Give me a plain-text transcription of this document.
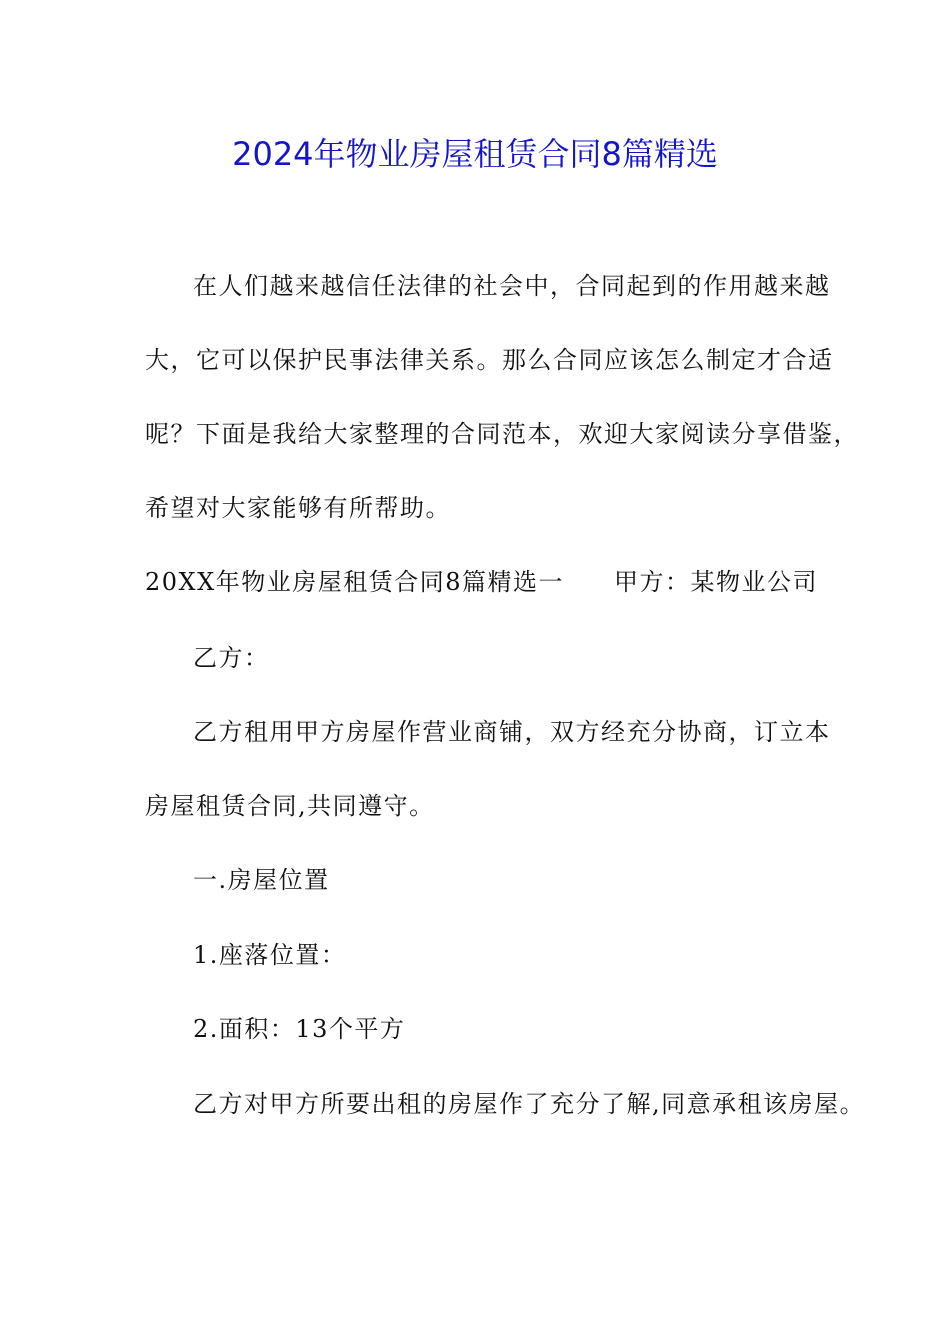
2024年物业房屋租赁合同8篇精选

在人们越来越信任法律的社会中，合同起到的作用越来越

大，它可以保护民事法律关系。那么合同应该怎么制定才合适

呢？下面是我给大家整理的合同范本，欢迎大家阅读分享借鉴，

希望对大家能够有所帮助。

20XX年物业房屋租赁合同8篇精选一 甲方：某物业公司

乙方：

乙方租用甲方房屋作营业商铺，双方经充分协商，订立本

房屋租赁合同,共同遵守。

一.房屋位置

1.座落位置：

2.面积：13个平方

乙方对甲方所要出租的房屋作了充分了解,同意承租该房屋。
